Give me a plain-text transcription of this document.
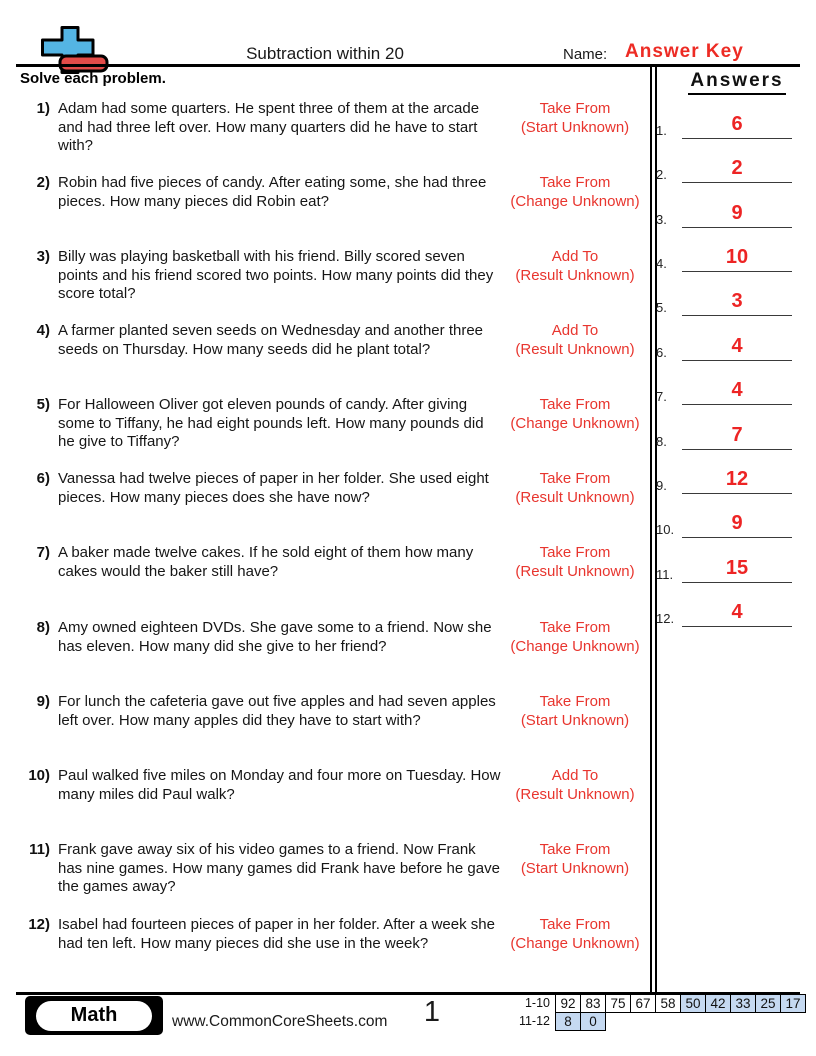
Subtraction within 20	Name: Answer Key
Solve each problem.
1) Adam had some quarters. He spent three of them at the arcade and had three left over. How many quarters did he have to start with?
Take From
(Start Unknown)
2) Robin had five pieces of candy. After eating some, she had three pieces. How many pieces did Robin eat?
Take From
(Change Unknown)
3) Billy was playing basketball with his friend. Billy scored seven points and his friend scored two points. How many points did they score total?
Add To
(Result Unknown)
4) A farmer planted seven seeds on Wednesday and another three seeds on Thursday. How many seeds did he plant total?
Add To
(Result Unknown)
5) For Halloween Oliver got eleven pounds of candy. After giving some to Tiffany, he had eight pounds left. How many pounds did he give to Tiffany?
Take From
(Change Unknown)
6) Vanessa had twelve pieces of paper in her folder. She used eight pieces. How many pieces does she have now?
Take From
(Result Unknown)
7) A baker made twelve cakes. If he sold eight of them how many cakes would the baker still have?
Take From
(Result Unknown)
8) Amy owned eighteen DVDs. She gave some to a friend. Now she has eleven. How many did she give to her friend?
Take From
(Change Unknown)
9) For lunch the cafeteria gave out five apples and had seven apples left over. How many apples did they have to start with?
Take From
(Start Unknown)
10) Paul walked five miles on Monday and four more on Tuesday. How many miles did Paul walk?
Add To
(Result Unknown)
11) Frank gave away six of his video games to a friend. Now Frank has nine games. How many games did Frank have before he gave the games away?
Take From
(Start Unknown)
12) Isabel had fourteen pieces of paper in her folder. After a week she had ten left. How many pieces did she use in the week?
Take From
(Change Unknown)
Answers
1.	6
2.	2
3.	9
4.	10
5.	3
6.	4
7.	4
8.	7
9.	12
10.	9
11.	15
12.	4
Math	www.CommonCoreSheets.com	1	1-10 92 83 75 67 58 50 42 33 25 17
11-12	8	0
